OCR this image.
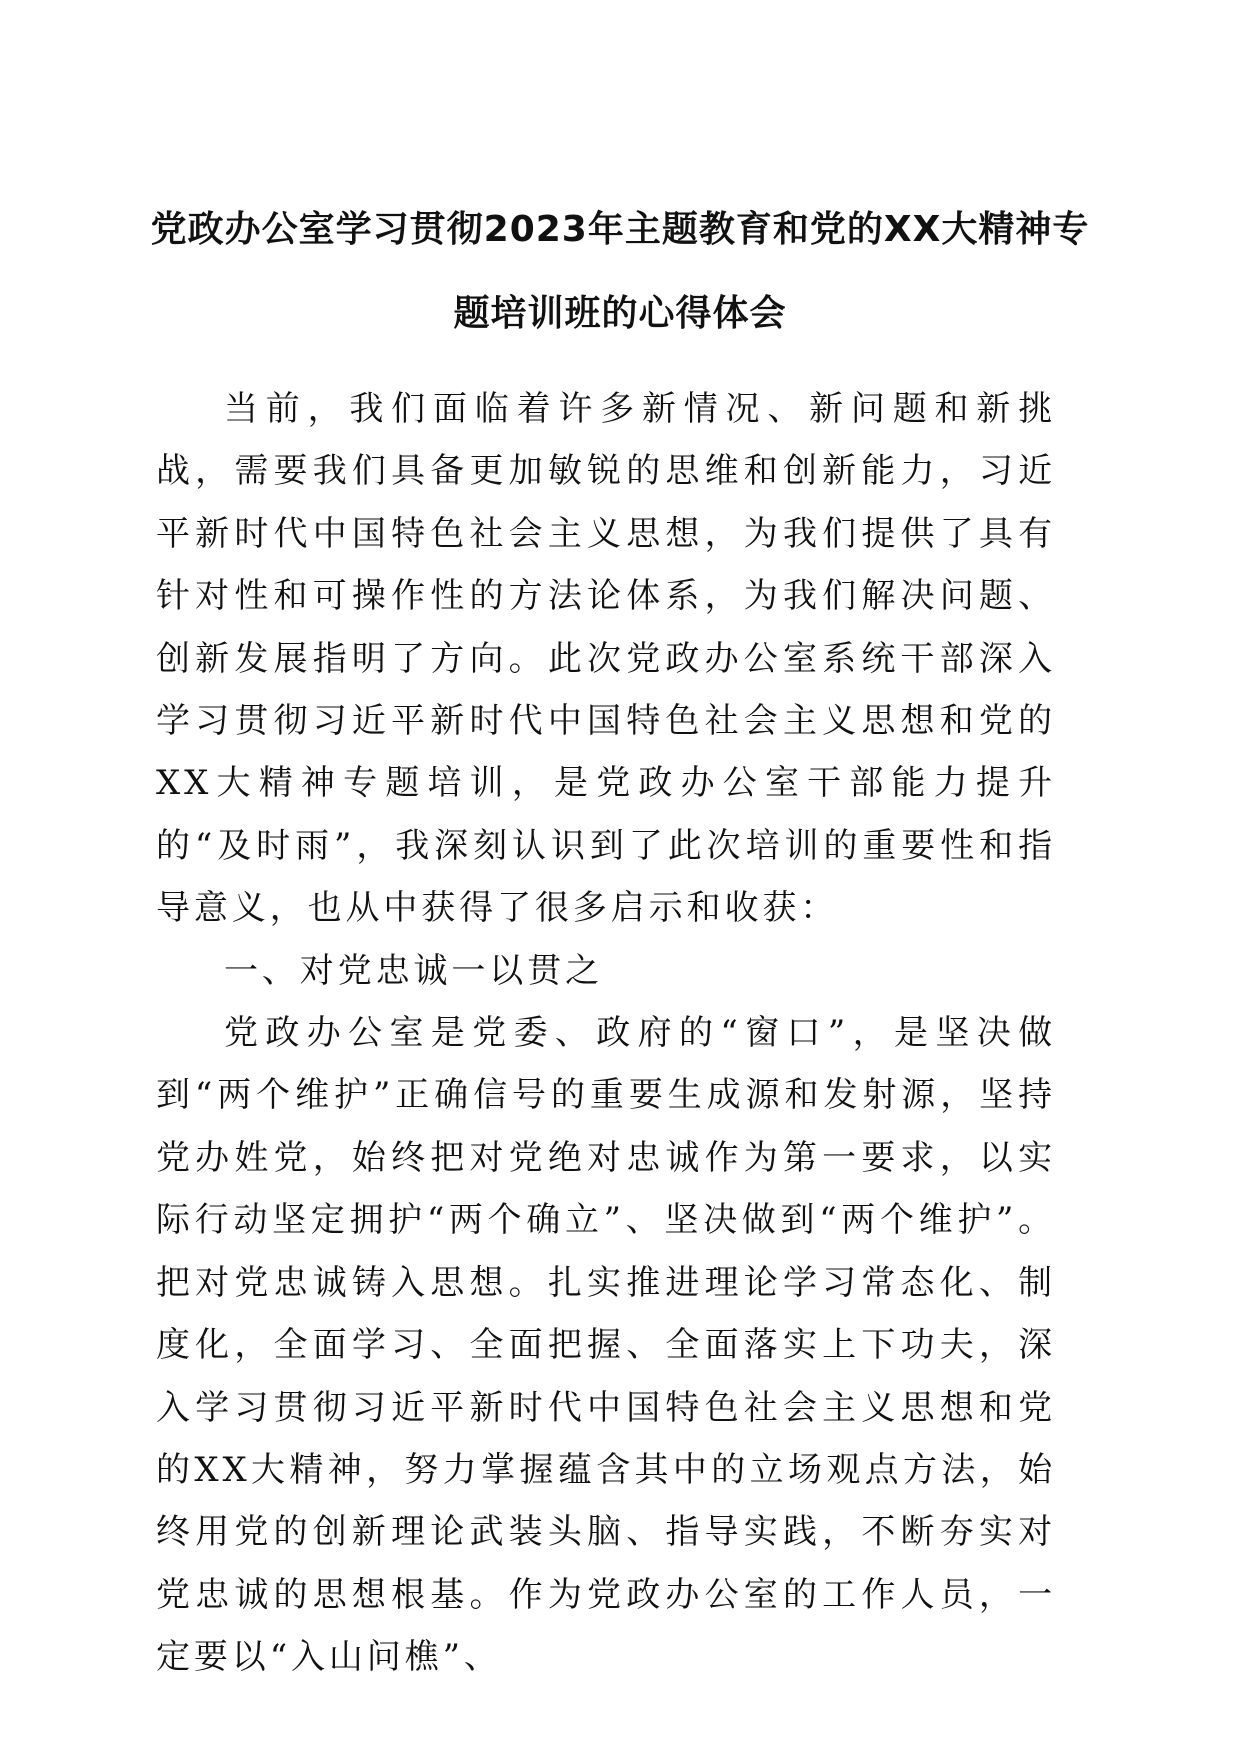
党政办公室学习贯彻2023年主题教育和党的XX大精神专题培训班的心得体会

当前，我们面临着许多新情况、新问题和新挑战，需要我们具备更加敏锐的思维和创新能力，习近平新时代中国特色社会主义思想，为我们提供了具有针对性和可操作性的方法论体系，为我们解决问题、创新发展指明了方向。此次党政办公室系统干部深入学习贯彻习近平新时代中国特色社会主义思想和党的XX大精神专题培训，是党政办公室干部能力提升的“及时雨”，我深刻认识到了此次培训的重要性和指导意义，也从中获得了很多启示和收获：

一、对党忠诚一以贯之

党政办公室是党委、政府的“窗口”，是坚决做到“两个维护”正确信号的重要生成源和发射源，坚持党办姓党，始终把对党绝对忠诚作为第一要求，以实际行动坚定拥护“两个确立”、坚决做到“两个维护”。把对党忠诚铸入思想。扎实推进理论学习常态化、制度化，全面学习、全面把握、全面落实上下功夫，深入学习贯彻习近平新时代中国特色社会主义思想和党的XX大精神，努力掌握蕴含其中的立场观点方法，始终用党的创新理论武装头脑、指导实践，不断夯实对党忠诚的思想根基。作为党政办公室的工作人员，一定要以“入山问樵”、
